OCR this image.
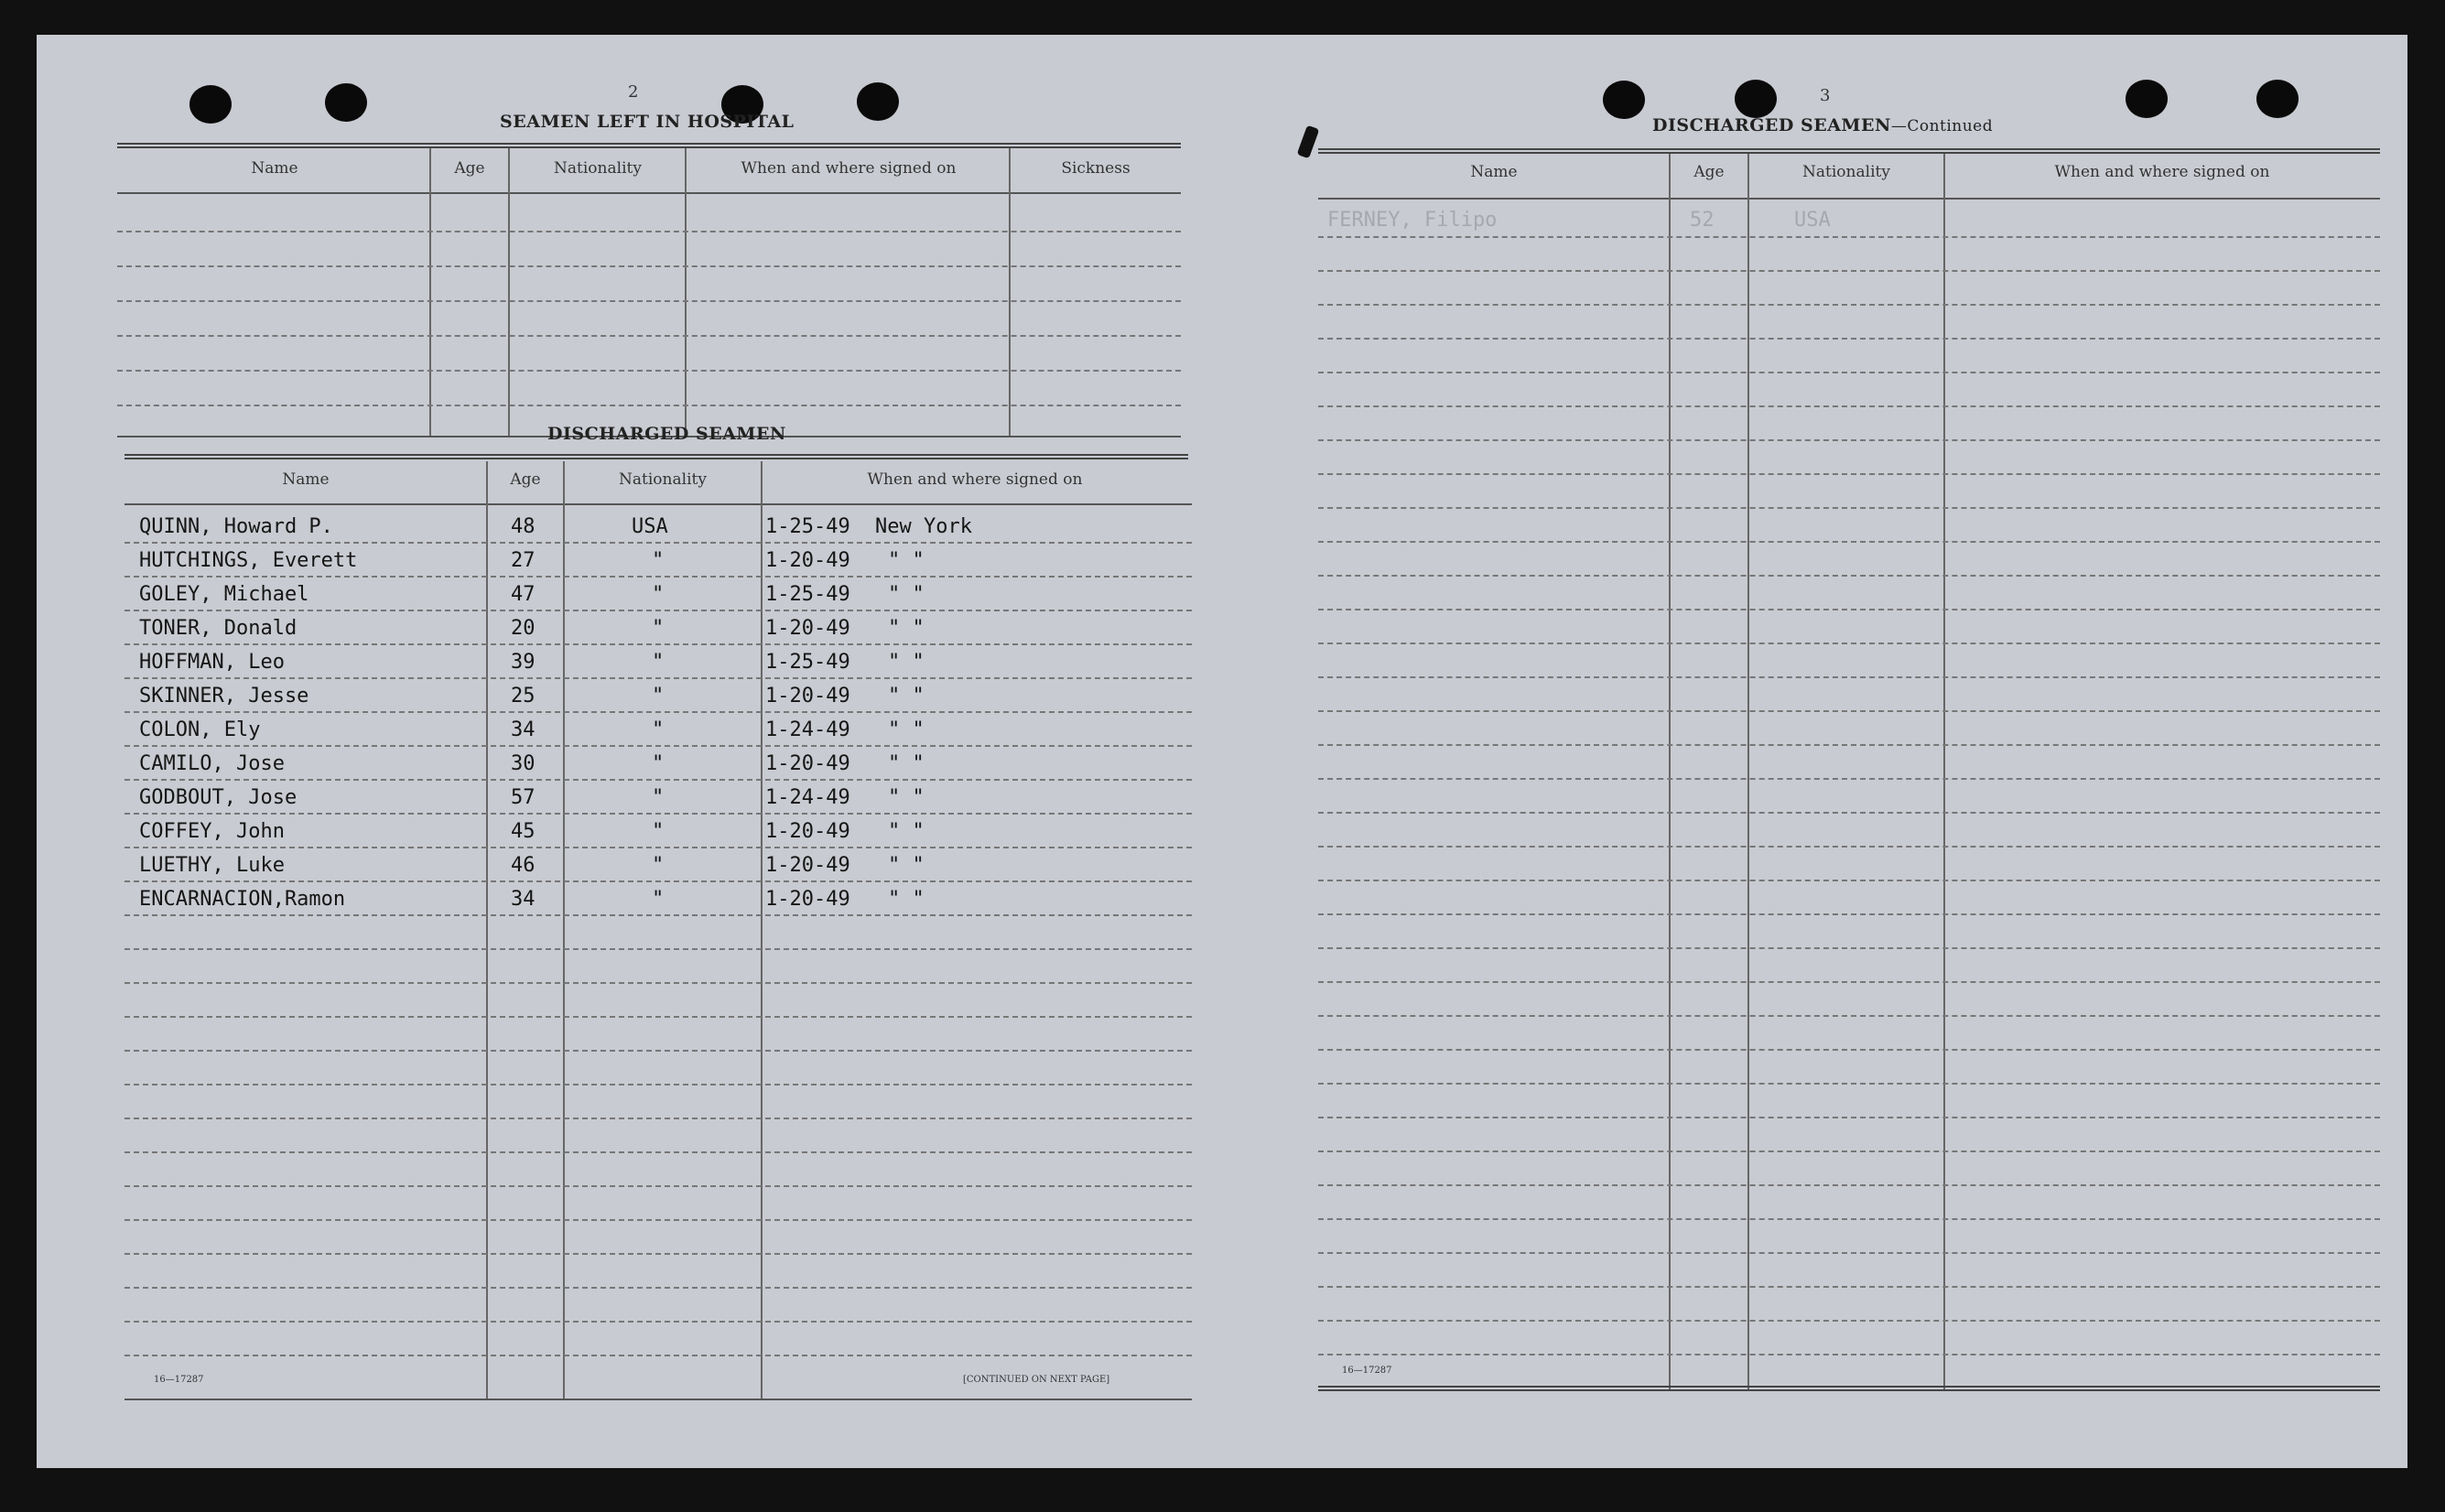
2
SEAMEN LEFT IN HOSPITAL
Name	Age	Nationality	When and where signed on	Sickness
DISCHARGED SEAMEN
Name	Age	Nationality	When and where signed on
QUINN, Howard P.	48	USA	1-25-49 New York
HUTCHINGS, Everett	27	"	1-20-49 " "
GOLEY, Michael	47	"	1-25-49 " "
TONER, Donald	20	"	1-20-49 " "
HOFFMAN, Leo	39	"	1-25-49 " "
SKINNER, Jesse	25	"	1-20-49 " "
COLON, Ely	34	"	1-24-49 " "
CAMILO, Jose	30	"	1-20-49 " "
GODBOUT, Jose	57	"	1-24-49 " "
COFFEY, John	45	"	1-20-49 " "
LUETHY, Luke	46	"	1-20-49 " "
ENCARNACION,Ramon	34	"	1-20-49 " "
16—17287	[CONTINUED ON NEXT PAGE]
3
DISCHARGED SEAMEN—Continued
Name	Age	Nationality	When and where signed on
FERNEY, Filipo	52	USA
16—17287
